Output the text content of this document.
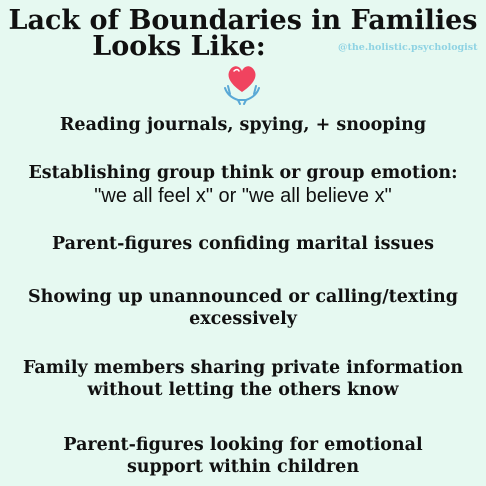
Lack of Boundaries in Families
Looks Like:	@the.holistic.psychologist
Reading journals, spying, + snooping
Establishing group think or group emotion:
"we all feel x" or "we all believe x"
Parent-figures confiding marital issues
Showing up unannounced or calling/texting
excessively
Family members sharing private information
without letting the others know
Parent-figures looking for emotional
support within children
